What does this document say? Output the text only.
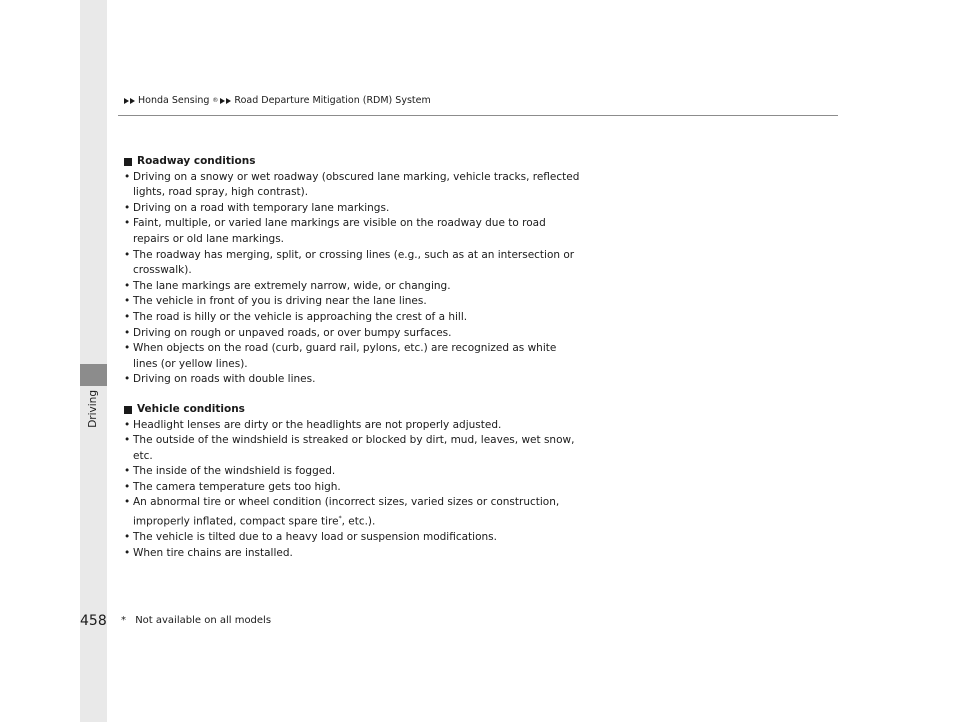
Driving
Honda Sensing ® Road Departure Mitigation (RDM) System
Roadway conditions
• Driving on a snowy or wet roadway (obscured lane marking, vehicle tracks, reflected lights, road spray, high contrast).
• Driving on a road with temporary lane markings.
• Faint, multiple, or varied lane markings are visible on the roadway due to road repairs or old lane markings.
• The roadway has merging, split, or crossing lines (e.g., such as at an intersection or crosswalk).
• The lane markings are extremely narrow, wide, or changing.
• The vehicle in front of you is driving near the lane lines.
• The road is hilly or the vehicle is approaching the crest of a hill.
• Driving on rough or unpaved roads, or over bumpy surfaces.
• When objects on the road (curb, guard rail, pylons, etc.) are recognized as white lines (or yellow lines).
• Driving on roads with double lines.
Vehicle conditions
• Headlight lenses are dirty or the headlights are not properly adjusted.
• The outside of the windshield is streaked or blocked by dirt, mud, leaves, wet snow, etc.
• The inside of the windshield is fogged.
• The camera temperature gets too high.
• An abnormal tire or wheel condition (incorrect sizes, varied sizes or construction, improperly inflated, compact spare tire*, etc.).
• The vehicle is tilted due to a heavy load or suspension modifications.
• When tire chains are installed.
458 * Not available on all models
